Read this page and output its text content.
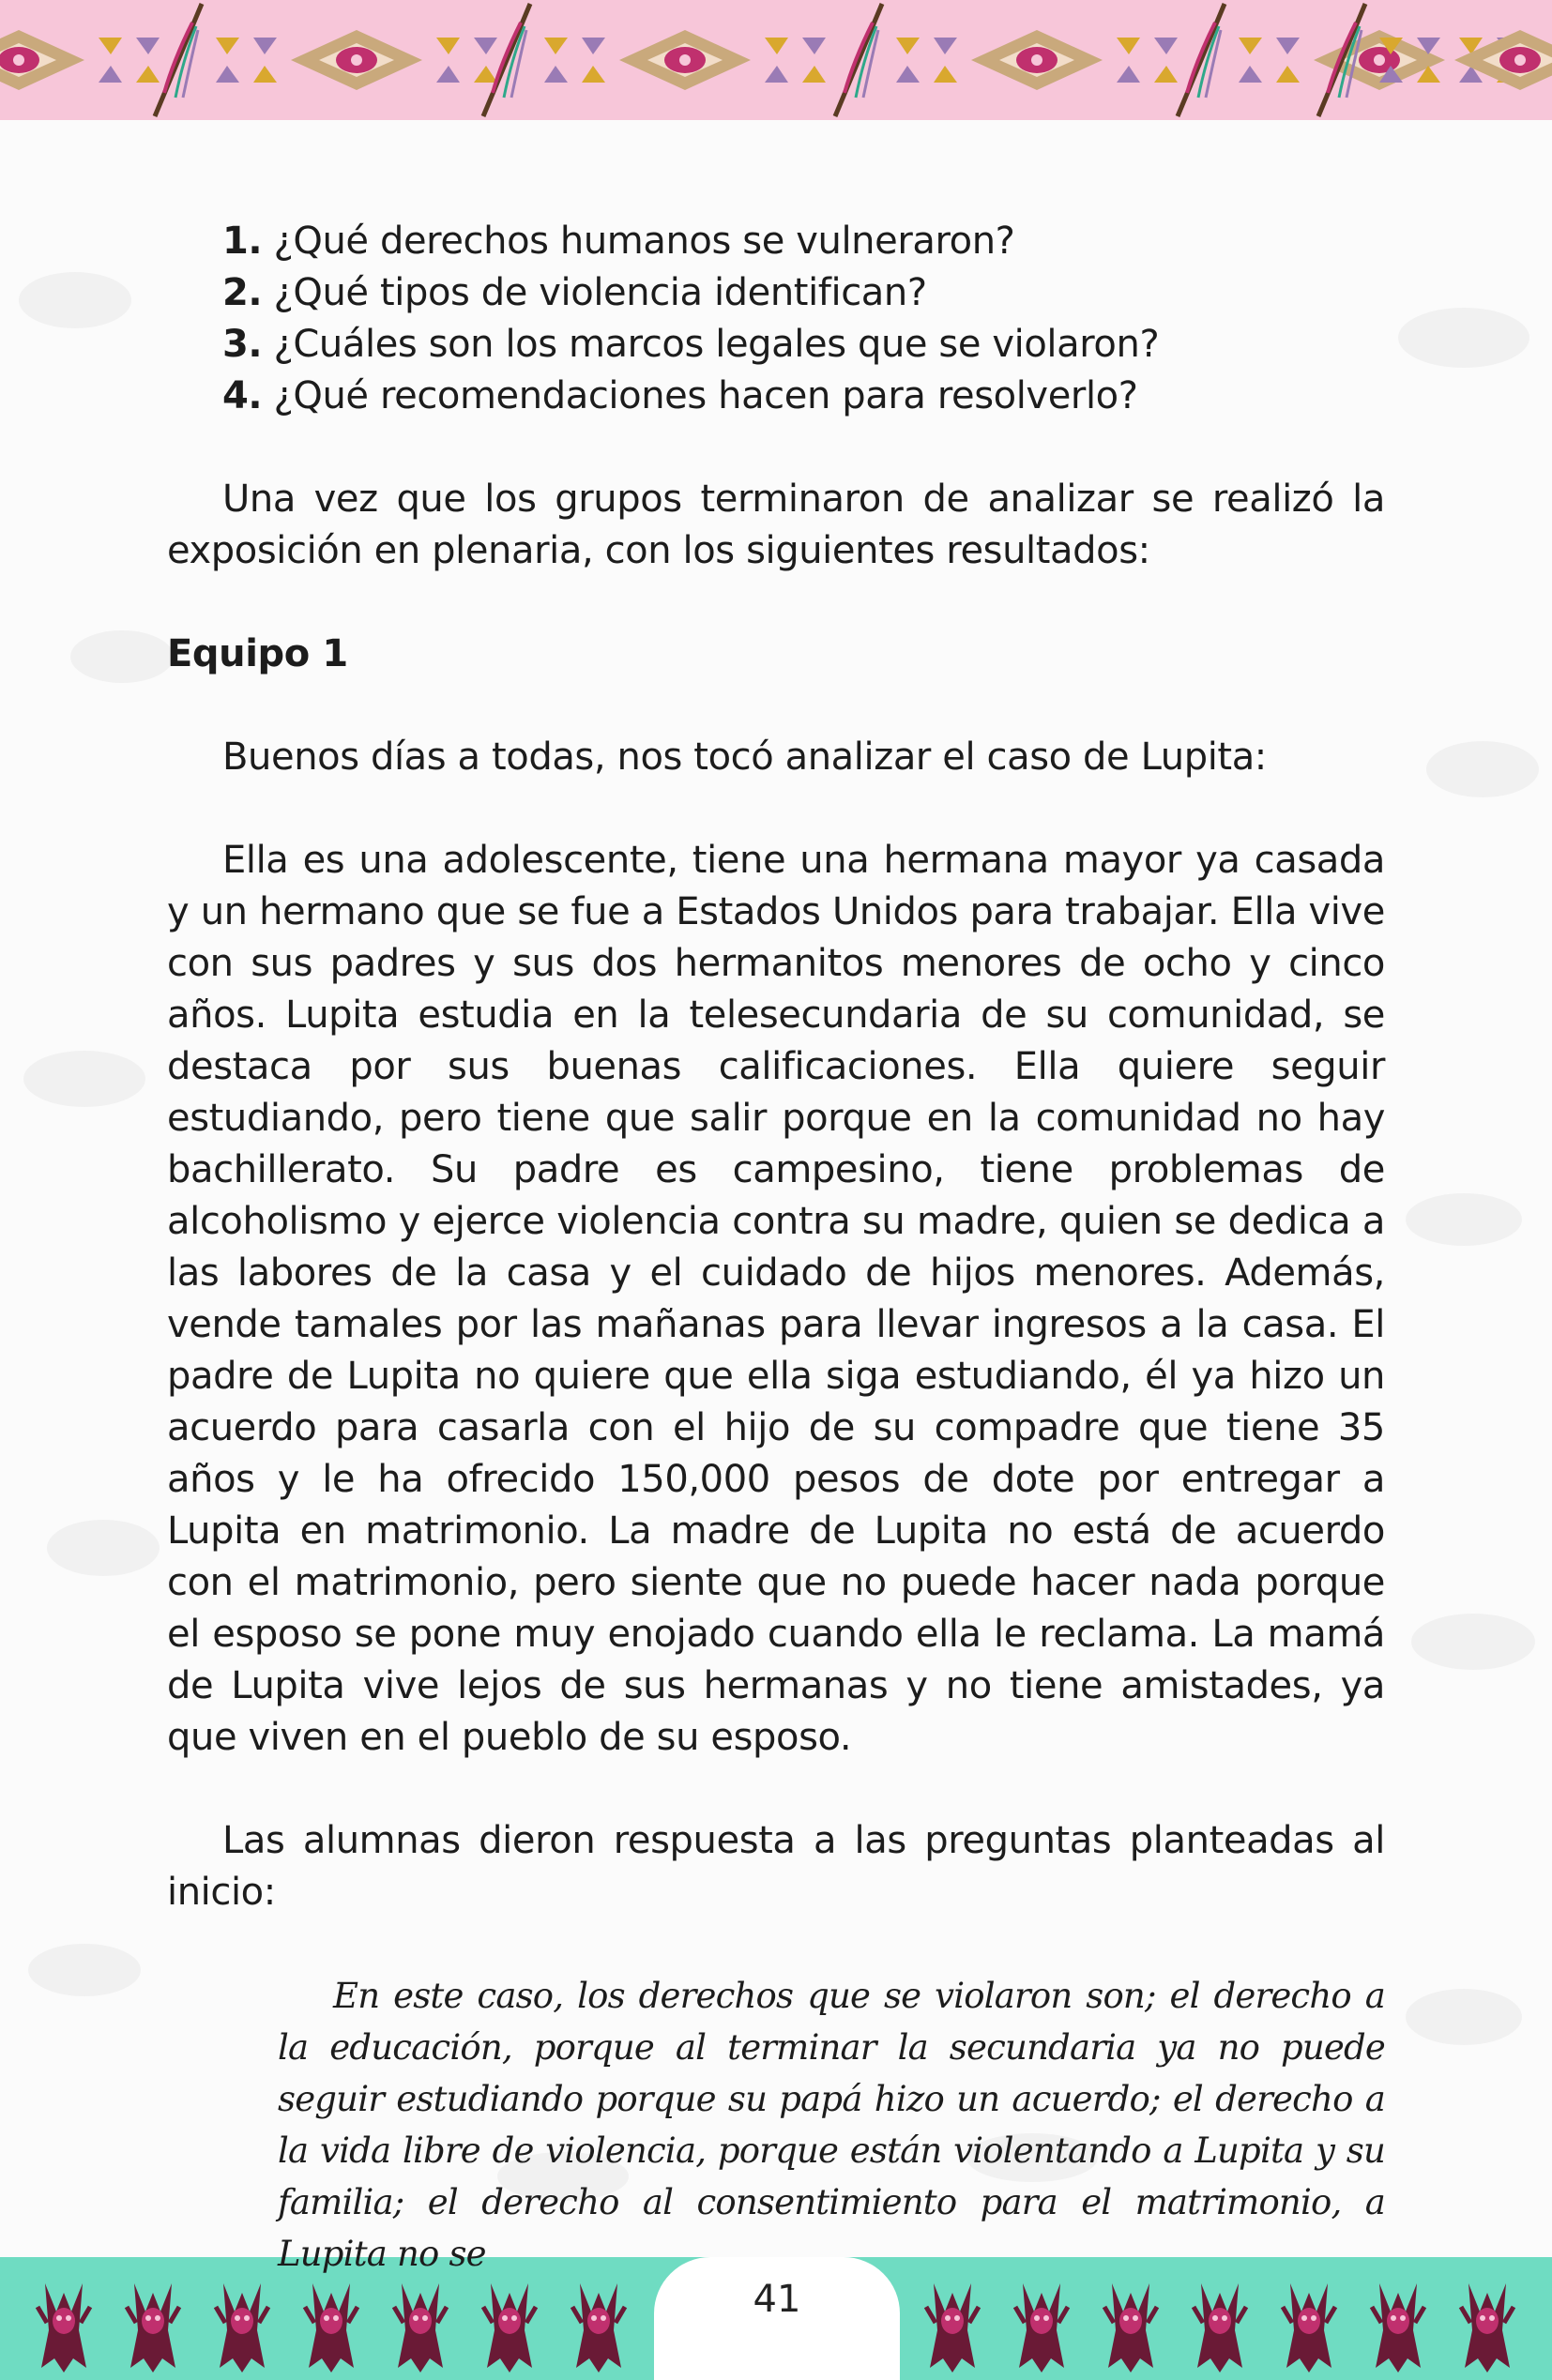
1. ¿Qué derechos humanos se vulneraron?
2. ¿Qué tipos de violencia identifican?
3. ¿Cuáles son los marcos legales que se violaron?
4. ¿Qué recomendaciones hacen para resolverlo?

Una vez que los grupos terminaron de analizar se realizó la exposición en plenaria, con los siguientes resultados:

Equipo 1

Buenos días a todas, nos tocó analizar el caso de Lupita:

Ella es una adolescente, tiene una hermana mayor ya casada y un hermano que se fue a Estados Unidos para trabajar. Ella vive con sus padres y sus dos hermanitos menores de ocho y cinco años. Lupita estudia en la telesecundaria de su comunidad, se destaca por sus buenas calificaciones. Ella quiere seguir estudiando, pero tiene que salir porque en la comunidad no hay bachillerato. Su padre es campesino, tiene problemas de alcoholismo y ejerce violencia contra su madre, quien se dedica a las labores de la casa y el cuidado de hijos menores. Además, vende tamales por las mañanas para llevar ingresos a la casa. El padre de Lupita no quiere que ella siga estudiando, él ya hizo un acuerdo para casarla con el hijo de su compadre que tiene 35 años y le ha ofrecido 150,000 pesos de dote por entregar a Lupita en matrimonio. La madre de Lupita no está de acuerdo con el matrimonio, pero siente que no puede hacer nada porque el esposo se pone muy enojado cuando ella le reclama. La mamá de Lupita vive lejos de sus hermanas y no tiene amistades, ya que viven en el pueblo de su esposo.

Las alumnas dieron respuesta a las preguntas planteadas al inicio:

En este caso, los derechos que se violaron son; el derecho a la educación, porque al terminar la secundaria ya no puede seguir estudiando porque su papá hizo un acuerdo; el derecho a la vida libre de violencia, porque están violentando a Lupita y su familia; el derecho al consentimiento para el matrimonio, a Lupita no se

41
